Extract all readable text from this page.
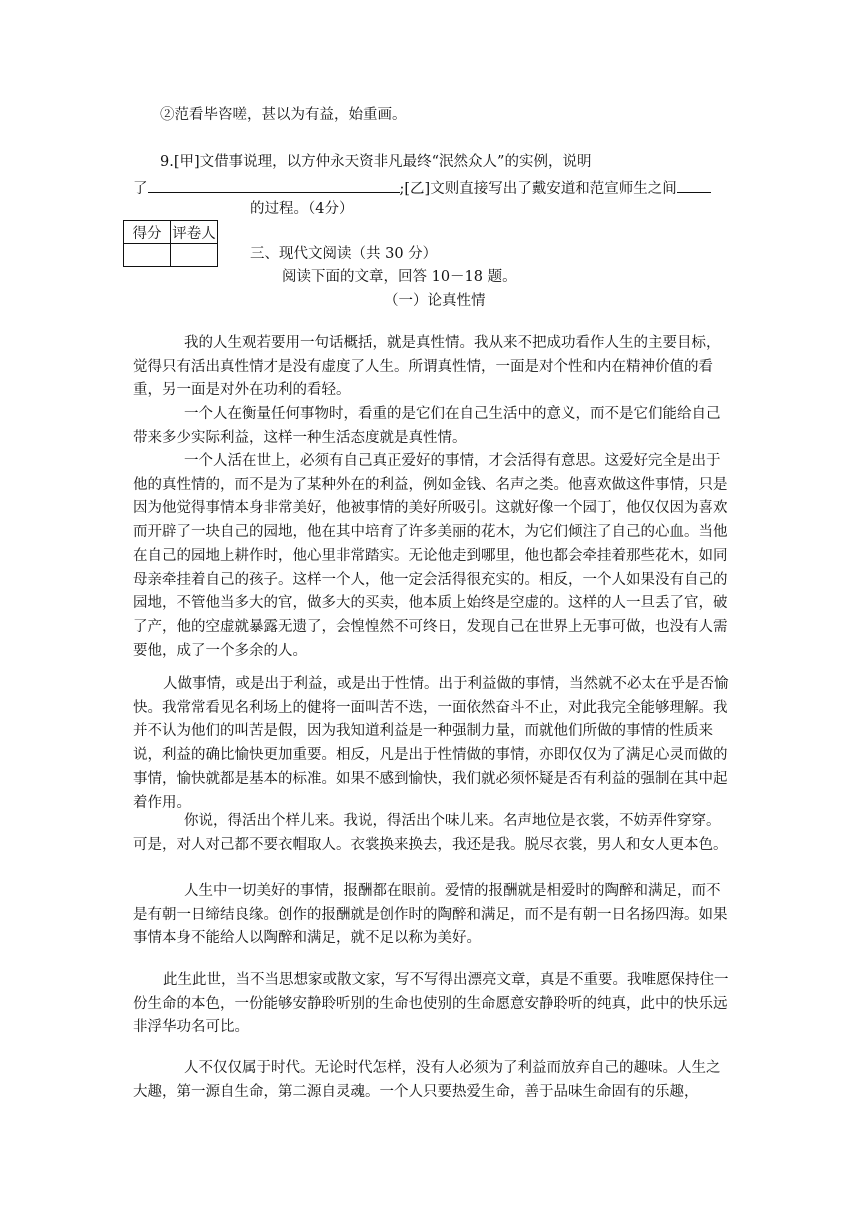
②范看毕咨嗟，甚以为有益，始重画。
9.[甲]文借事说理，以方仲永天资非凡最终“泯然众人”的实例，说明
了	;[乙]文则直接写出了戴安道和范宣师生之间
的过程。（4分）
得分	评卷人

三、现代文阅读（共 30 分）
阅读下面的文章，回答 10－18 题。
（一）论真性情

我的人生观若要用一句话概括，就是真性情。我从来不把成功看作人生的主要目标，觉得只有活出真性情才是没有虚度了人生。所谓真性情，一面是对个性和内在精神价值的看重，另一面是对外在功利的看轻。

一个人在衡量任何事物时，看重的是它们在自己生活中的意义，而不是它们能给自己带来多少实际利益，这样一种生活态度就是真性情。

一个人活在世上，必须有自己真正爱好的事情，才会活得有意思。这爱好完全是出于他的真性情的，而不是为了某种外在的利益，例如金钱、名声之类。他喜欢做这件事情，只是因为他觉得事情本身非常美好，他被事情的美好所吸引。这就好像一个园丁，他仅仅因为喜欢而开辟了一块自己的园地，他在其中培育了许多美丽的花木，为它们倾注了自己的心血。当他在自己的园地上耕作时，他心里非常踏实。无论他走到哪里，他也都会牵挂着那些花木，如同母亲牵挂着自己的孩子。这样一个人，他一定会活得很充实的。相反，一个人如果没有自己的园地，不管他当多大的官，做多大的买卖，他本质上始终是空虚的。这样的人一旦丢了官，破了产，他的空虚就暴露无遗了，会惶惶然不可终日，发现自己在世界上无事可做，也没有人需要他，成了一个多余的人。

人做事情，或是出于利益，或是出于性情。出于利益做的事情，当然就不必太在乎是否愉快。我常常看见名利场上的健将一面叫苦不迭，一面依然奋斗不止，对此我完全能够理解。我并不认为他们的叫苦是假，因为我知道利益是一种强制力量，而就他们所做的事情的性质来说，利益的确比愉快更加重要。相反，凡是出于性情做的事情，亦即仅仅为了满足心灵而做的事情，愉快就都是基本的标准。如果不感到愉快，我们就必须怀疑是否有利益的强制在其中起着作用。

你说，得活出个样儿来。我说，得活出个味儿来。名声地位是衣裳，不妨弄件穿穿。可是，对人对己都不要衣帽取人。衣裳换来换去，我还是我。脱尽衣裳，男人和女人更本色。

人生中一切美好的事情，报酬都在眼前。爱情的报酬就是相爱时的陶醉和满足，而不是有朝一日缔结良缘。创作的报酬就是创作时的陶醉和满足，而不是有朝一日名扬四海。如果事情本身不能给人以陶醉和满足，就不足以称为美好。

此生此世，当不当思想家或散文家，写不写得出漂亮文章，真是不重要。我唯愿保持住一份生命的本色，一份能够安静聆听别的生命也使别的生命愿意安静聆听的纯真，此中的快乐远非浮华功名可比。

人不仅仅属于时代。无论时代怎样，没有人必须为了利益而放弃自己的趣味。人生之大趣，第一源自生命，第二源自灵魂。一个人只要热爱生命，善于品味生命固有的乐趣，
